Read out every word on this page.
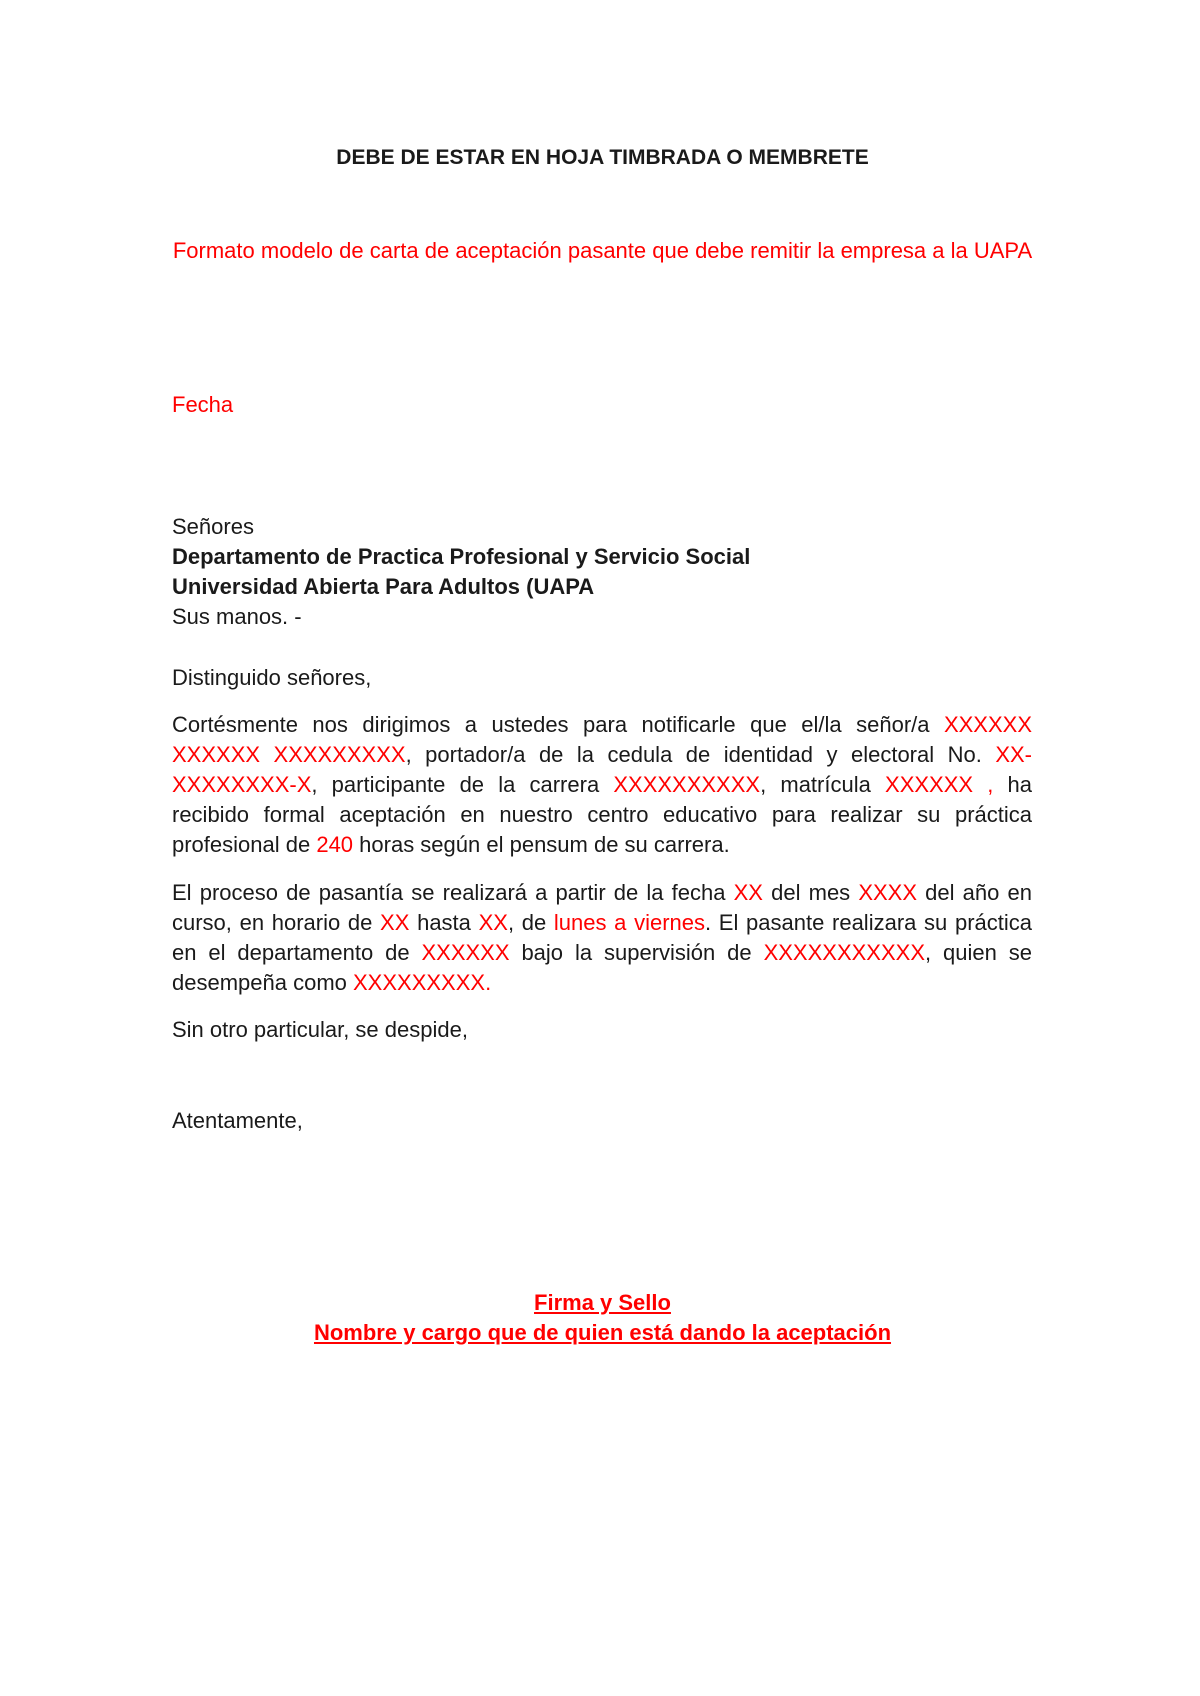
DEBE DE ESTAR EN HOJA TIMBRADA O MEMBRETE

Formato modelo de carta de aceptación pasante que debe remitir la empresa a la UAPA

Fecha

Señores
Departamento de Practica Profesional y Servicio Social
Universidad Abierta Para Adultos (UAPA
Sus manos. -

Distinguido señores,

Cortésmente nos dirigimos a ustedes para notificarle que el/la señor/a XXXXXX XXXXXX XXXXXXXXX, portador/a de la cedula de identidad y electoral No. XX-XXXXXXXX-X, participante de la carrera XXXXXXXXXX, matrícula XXXXXX , ha recibido formal aceptación en nuestro centro educativo para realizar su práctica profesional de 240 horas según el pensum de su carrera.

El proceso de pasantía se realizará a partir de la fecha XX del mes XXXX del año en curso, en horario de XX hasta XX, de lunes a viernes. El pasante realizara su práctica en el departamento de XXXXXX bajo la supervisión de XXXXXXXXXXX, quien se desempeña como XXXXXXXXX.

Sin otro particular, se despide,

Atentamente,

Firma y Sello
Nombre y cargo que de quien está dando la aceptación
